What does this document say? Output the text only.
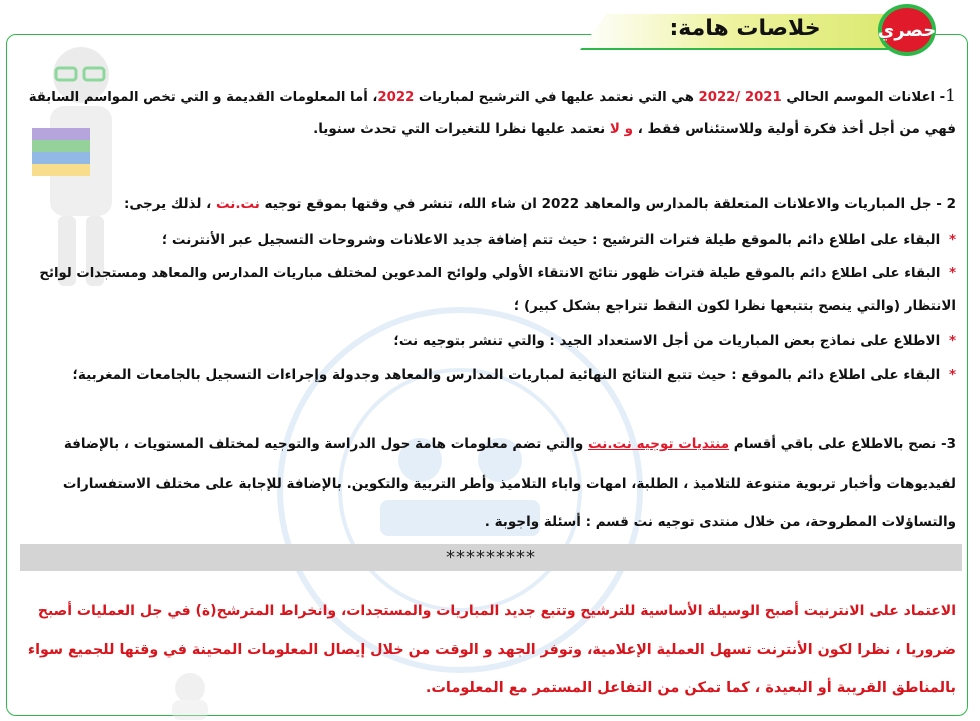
خلاصات هامة:	حصري
1- اعلانات الموسم الحالي 2021 /2022 هي التي نعتمد عليها في الترشيح لمباريات 2022، أما المعلومات القديمة و التي تخص المواسم السابقة
فهي من أجل أخذ فكرة أولية وللاستئناس فقط ، و لا نعتمد عليها نظرا للتغيرات التي تحدث سنويا.
2 - جل المباريات والاعلانات المتعلقة بالمدارس والمعاهد 2022 ان شاء الله، تنشر في وقتها بموقع توجيه نت.نت ، لذلك يرجى:
* البقاء على اطلاع دائم بالموقع طيلة فترات الترشيح : حيث تتم إضافة جديد الاعلانات وشروحات التسجيل عبر الأنترنت ؛
* البقاء على اطلاع دائم بالموقع طيلة فترات ظهور نتائج الانتقاء الأولي ولوائح المدعوين لمختلف مباريات المدارس والمعاهد ومستجدات لوائح
الانتظار (والتي ينصح بتتبعها نظرا لكون النقط تتراجع بشكل كبير) ؛
* الاطلاع على نماذج بعض المباريات من أجل الاستعداد الجيد : والتي تنشر بتوجيه نت؛
* البقاء على اطلاع دائم بالموقع : حيث تتبع النتائج النهائية لمباريات المدارس والمعاهد وجدولة وإجراءات التسجيل بالجامعات المغربية؛
3- نصح بالاطلاع على باقي أقسام منتديات توجيه نت.نت والتي تضم معلومات هامة حول الدراسة والتوجيه لمختلف المستويات ، بالإضافة
لفيديوهات وأخبار تربوية متنوعة للتلاميذ ، الطلبة، امهات واباء التلاميذ وأطر التربية والتكوين. بالإضافة للإجابة على مختلف الاستفسارات
والتساؤلات المطروحة، من خلال منتدى توجيه نت قسم : أسئلة واجوبة .
*********
الاعتماد على الانترنيت أصبح الوسيلة الأساسية للترشيح وتتبع جديد المباريات والمستجدات، وانخراط المترشح(ة) في جل العمليات أصبح
ضروريا ، نظرا لكون الأنترنت تسهل العملية الإعلامية، وتوفر الجهد و الوقت من خلال إيصال المعلومات المحينة في وقتها للجميع سواء
بالمناطق القريبة أو البعيدة ، كما تمكن من التفاعل المستمر مع المعلومات.
